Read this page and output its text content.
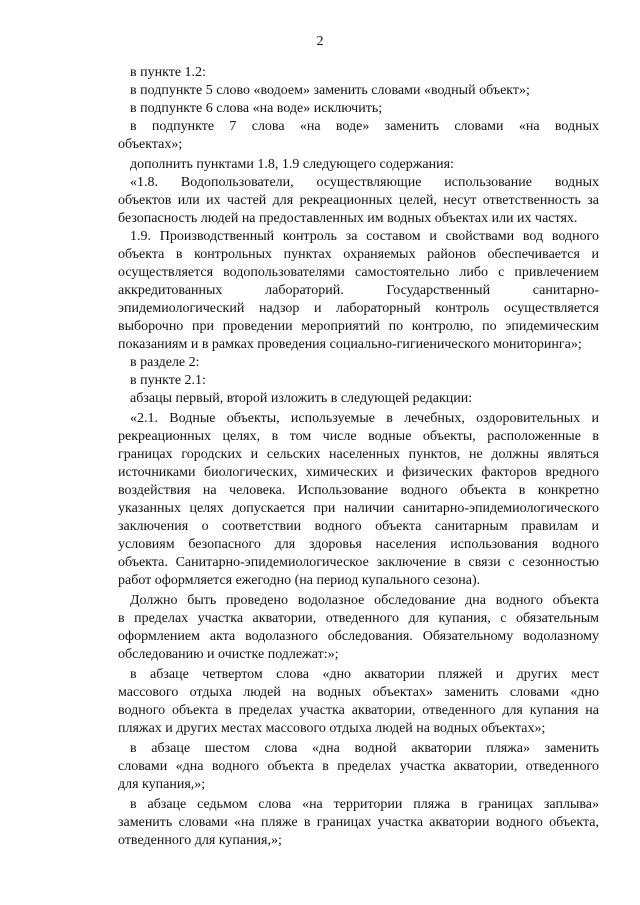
2

в пункте 1.2:

в подпункте 5 слово «водоем» заменить словами «водный объект»;

в подпункте 6 слова «на воде» исключить;

в подпункте 7 слова «на воде» заменить словами «на водных
объектах»;

дополнить пунктами 1.8, 1.9 следующего содержания:

«1.8. Водопользователи, осуществляющие использование водных
объектов или их частей для рекреационных целей, несут ответственность за
безопасность людей на предоставленных им водных объектах или их частях.

1.9. Производственный контроль за составом и свойствами вод водного
объекта в контрольных пунктах охраняемых районов обеспечивается и
осуществляется водопользователями самостоятельно либо с привлечением
аккредитованных лабораторий. Государственный санитарно-
эпидемиологический надзор и лабораторный контроль осуществляется
выборочно при проведении мероприятий по контролю, по эпидемическим
показаниям и в рамках проведения социально-гигиенического мониторинга»;

в разделе 2:

в пункте 2.1:

абзацы первый, второй изложить в следующей редакции:

«2.1. Водные объекты, используемые в лечебных, оздоровительных и
рекреационных целях, в том числе водные объекты, расположенные в
границах городских и сельских населенных пунктов, не должны являться
источниками биологических, химических и физических факторов вредного
воздействия на человека. Использование водного объекта в конкретно
указанных целях допускается при наличии санитарно-эпидемиологического
заключения о соответствии водного объекта санитарным правилам и
условиям безопасного для здоровья населения использования водного
объекта. Санитарно-эпидемиологическое заключение в связи с сезонностью
работ оформляется ежегодно (на период купального сезона).

Должно быть проведено водолазное обследование дна водного объекта
в пределах участка акватории, отведенного для купания, с обязательным
оформлением акта водолазного обследования. Обязательному водолазному
обследованию и очистке подлежат:»;

в абзаце четвертом слова «дно акватории пляжей и других мест
массового отдыха людей на водных объектах» заменить словами «дно
водного объекта в пределах участка акватории, отведенного для купания на
пляжах и других местах массового отдыха людей на водных объектах»;

в абзаце шестом слова «дна водной акватории пляжа» заменить
словами «дна водного объекта в пределах участка акватории, отведенного
для купания,»;

в абзаце седьмом слова «на территории пляжа в границах заплыва»
заменить словами «на пляже в границах участка акватории водного объекта,
отведенного для купания,»;
